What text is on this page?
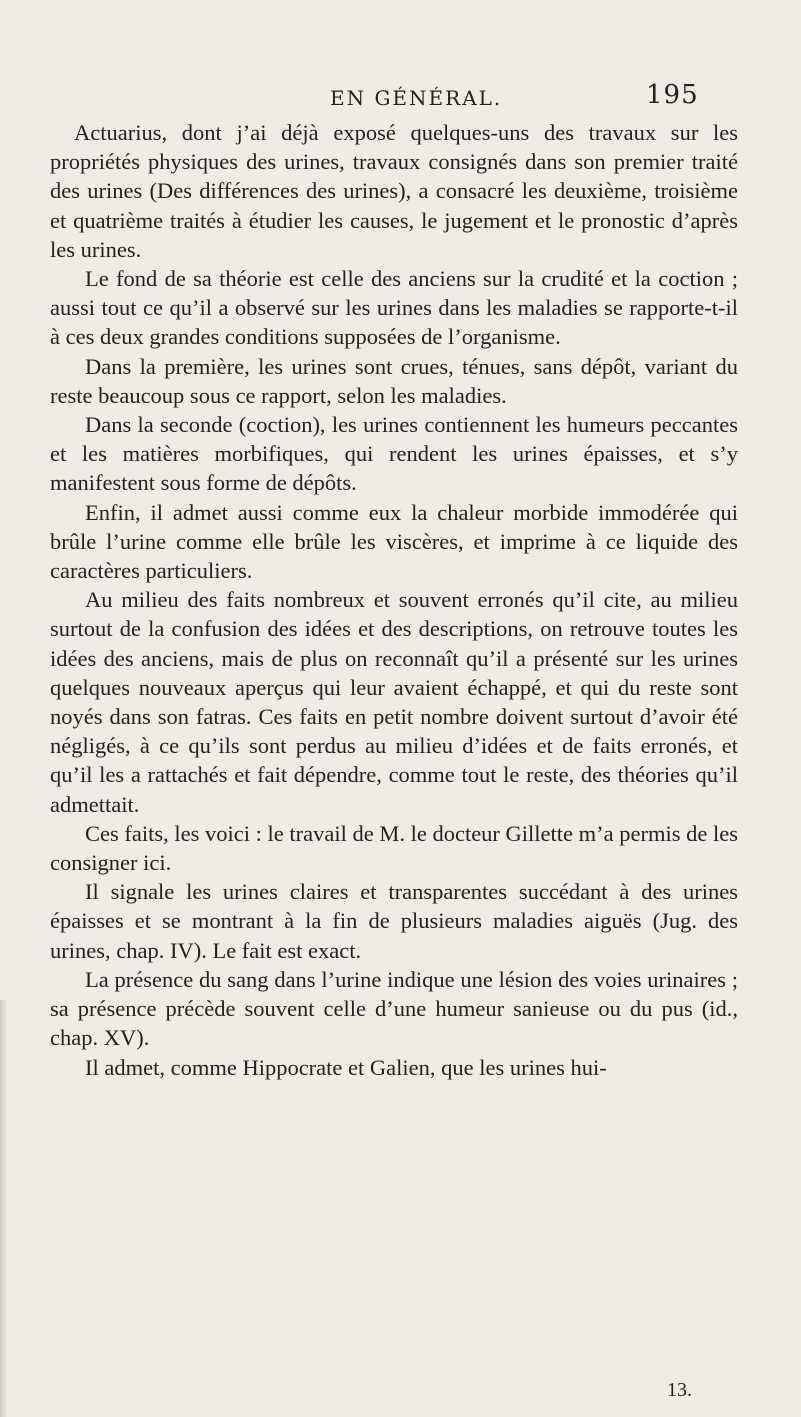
EN GÉNÉRAL.	195

Actuarius, dont j’ai déjà exposé quelques-uns des travaux sur les propriétés physiques des urines, travaux consignés dans son premier traité des urines (Des différences des urines), a consacré les deuxième, troisième et quatrième traités à étudier les causes, le jugement et le pronostic d’après les urines.

Le fond de sa théorie est celle des anciens sur la crudité et la coction ; aussi tout ce qu’il a observé sur les urines dans les maladies se rapporte-t-il à ces deux grandes conditions supposées de l’organisme.

Dans la première, les urines sont crues, ténues, sans dépôt, variant du reste beaucoup sous ce rapport, selon les maladies.

Dans la seconde (coction), les urines contiennent les humeurs peccantes et les matières morbifiques, qui rendent les urines épaisses, et s’y manifestent sous forme de dépôts.

Enfin, il admet aussi comme eux la chaleur morbide immodérée qui brûle l’urine comme elle brûle les viscères, et imprime à ce liquide des caractères particuliers.

Au milieu des faits nombreux et souvent erronés qu’il cite, au milieu surtout de la confusion des idées et des descriptions, on retrouve toutes les idées des anciens, mais de plus on reconnaît qu’il a présenté sur les urines quelques nouveaux aperçus qui leur avaient échappé, et qui du reste sont noyés dans son fatras. Ces faits en petit nombre doivent surtout d’avoir été négligés, à ce qu’ils sont perdus au milieu d’idées et de faits erronés, et qu’il les a rattachés et fait dépendre, comme tout le reste, des théories qu’il admettait.

Ces faits, les voici : le travail de M. le docteur Gillette m’a permis de les consigner ici.

Il signale les urines claires et transparentes succédant à des urines épaisses et se montrant à la fin de plusieurs maladies aiguës (Jug. des urines, chap. IV). Le fait est exact.

La présence du sang dans l’urine indique une lésion des voies urinaires ; sa présence précède souvent celle d’une humeur sanieuse ou du pus (id., chap. XV).

Il admet, comme Hippocrate et Galien, que les urines hui-

13.
